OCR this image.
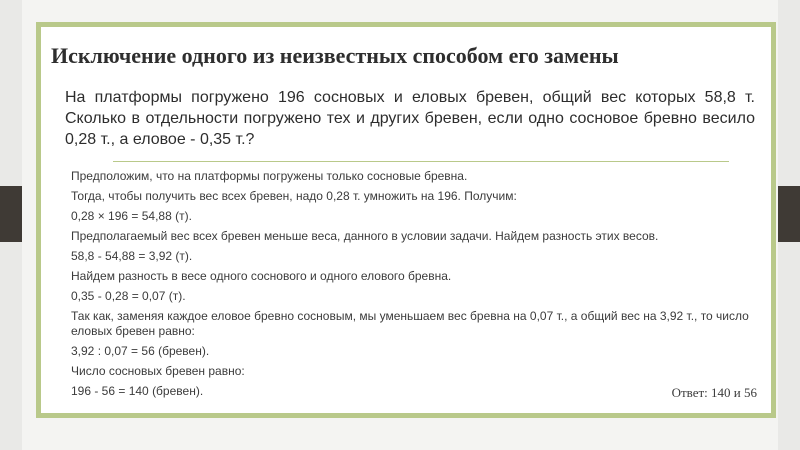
Исключение одного из неизвестных способом его замены

На платформы погружено 196 сосновых и еловых бревен, общий вес которых 58,8 т. Сколько в отдельности погружено тех и других бревен, если одно сосновое бревно весило 0,28 т., а еловое - 0,35 т.?

Предположим, что на платформы погружены только сосновые бревна.
Тогда, чтобы получить вес всех бревен, надо 0,28 т. умножить на 196. Получим:
0,28 × 196 = 54,88 (т).
Предполагаемый вес всех бревен меньше веса, данного в условии задачи. Найдем разность этих весов.
58,8 - 54,88 = 3,92 (т).
Найдем разность в весе одного соснового и одного елового бревна.
0,35 - 0,28 = 0,07 (т).
Так как, заменяя каждое еловое бревно сосновым, мы уменьшаем вес бревна на 0,07 т., а общий вес на 3,92 т., то число еловых бревен равно:
3,92 : 0,07 = 56 (бревен).
Число сосновых бревен равно:
196 - 56 = 140 (бревен).	Ответ: 140 и 56
